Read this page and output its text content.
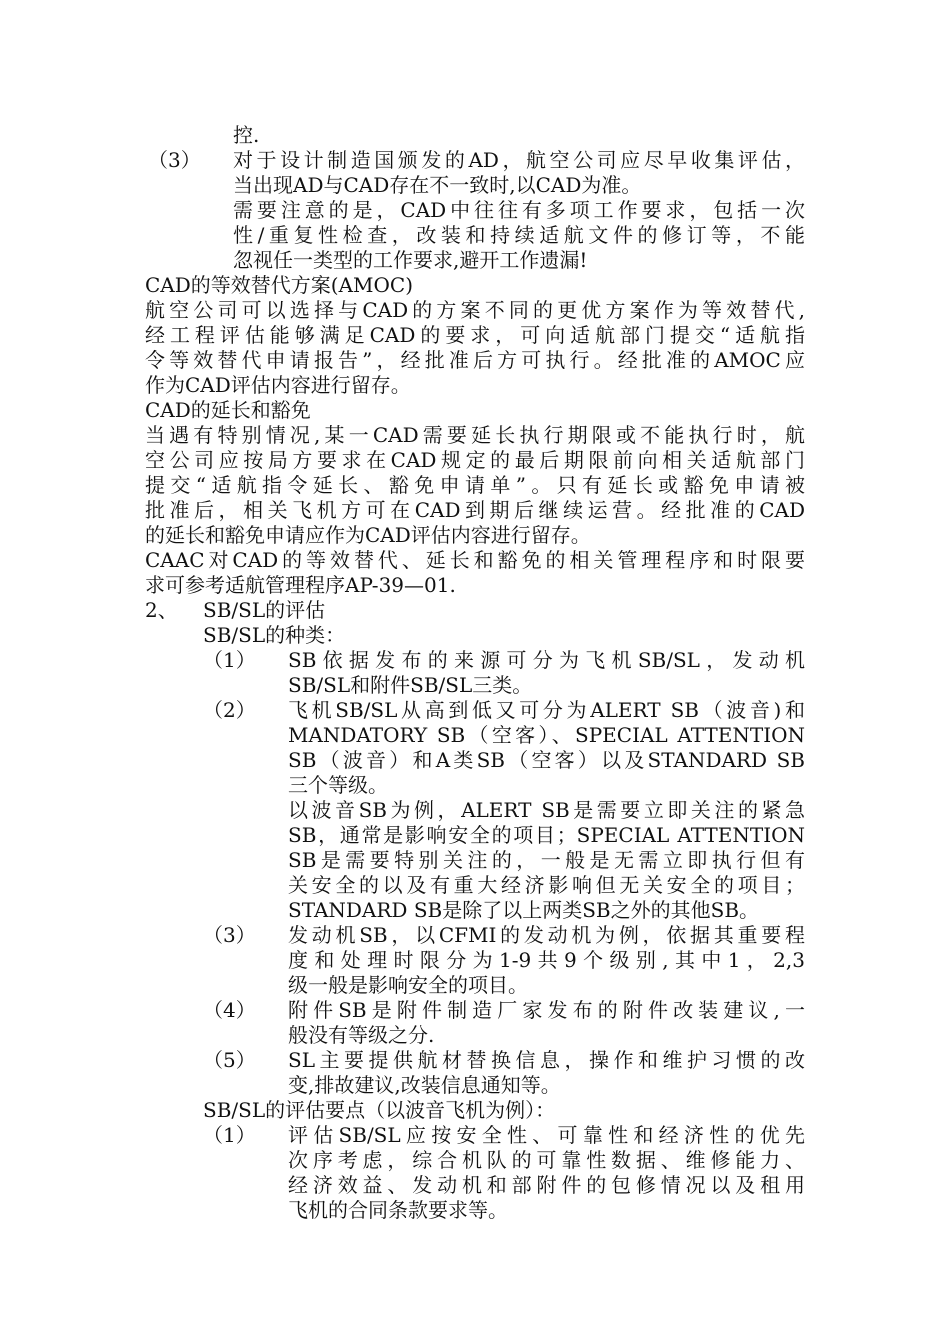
控.
（3） 对于设计制造国颁发的AD，航空公司应尽早收集评估，
当出现AD与CAD存在不一致时,以CAD为准。
需要注意的是，CAD中往往有多项工作要求，包括一次
性/重复性检查，改装和持续适航文件的修订等，不能
忽视任一类型的工作要求,避开工作遗漏!
CAD的等效替代方案(AMOC)
航空公司可以选择与CAD的方案不同的更优方案作为等效替代,
经工程评估能够满足CAD的要求，可向适航部门提交“适航指
令等效替代申请报告”，经批准后方可执行。经批准的AMOC应
作为CAD评估内容进行留存。
CAD的延长和豁免
当遇有特别情况,某一CAD需要延长执行期限或不能执行时，航
空公司应按局方要求在CAD规定的最后期限前向相关适航部门
提交“适航指令延长、豁免申请单”。只有延长或豁免申请被
批准后，相关飞机方可在CAD到期后继续运营。经批准的CAD
的延长和豁免申请应作为CAD评估内容进行留存。
CAAC对CAD的等效替代、延长和豁免的相关管理程序和时限要
求可参考适航管理程序AP-39—01.
2、 SB/SL的评估
SB/SL的种类：
（1） SB依据发布的来源可分为飞机SB/SL，发动机
SB/SL和附件SB/SL三类。
（2） 飞机SB/SL从高到低又可分为ALERT SB（波音)和
MANDATORY SB（空客）、SPECIAL ATTENTION
SB（波音）和A类SB（空客）以及STANDARD SB
三个等级。
以波音SB为例，ALERT SB是需要立即关注的紧急
SB，通常是影响安全的项目；SPECIAL ATTENTION
SB是需要特别关注的，一般是无需立即执行但有
关安全的以及有重大经济影响但无关安全的项目；
STANDARD SB是除了以上两类SB之外的其他SB。
（3） 发动机SB，以CFMI的发动机为例，依据其重要程
度和处理时限分为1-9共9个级别,其中1，2,3
级一般是影响安全的项目。
（4） 附件SB是附件制造厂家发布的附件改装建议,一
般没有等级之分.
（5） SL主要提供航材替换信息，操作和维护习惯的改
变,排故建议,改装信息通知等。
SB/SL的评估要点（以波音飞机为例）：
（1） 评估SB/SL应按安全性、可靠性和经济性的优先
次序考虑，综合机队的可靠性数据、维修能力、
经济效益、发动机和部附件的包修情况以及租用
飞机的合同条款要求等。
